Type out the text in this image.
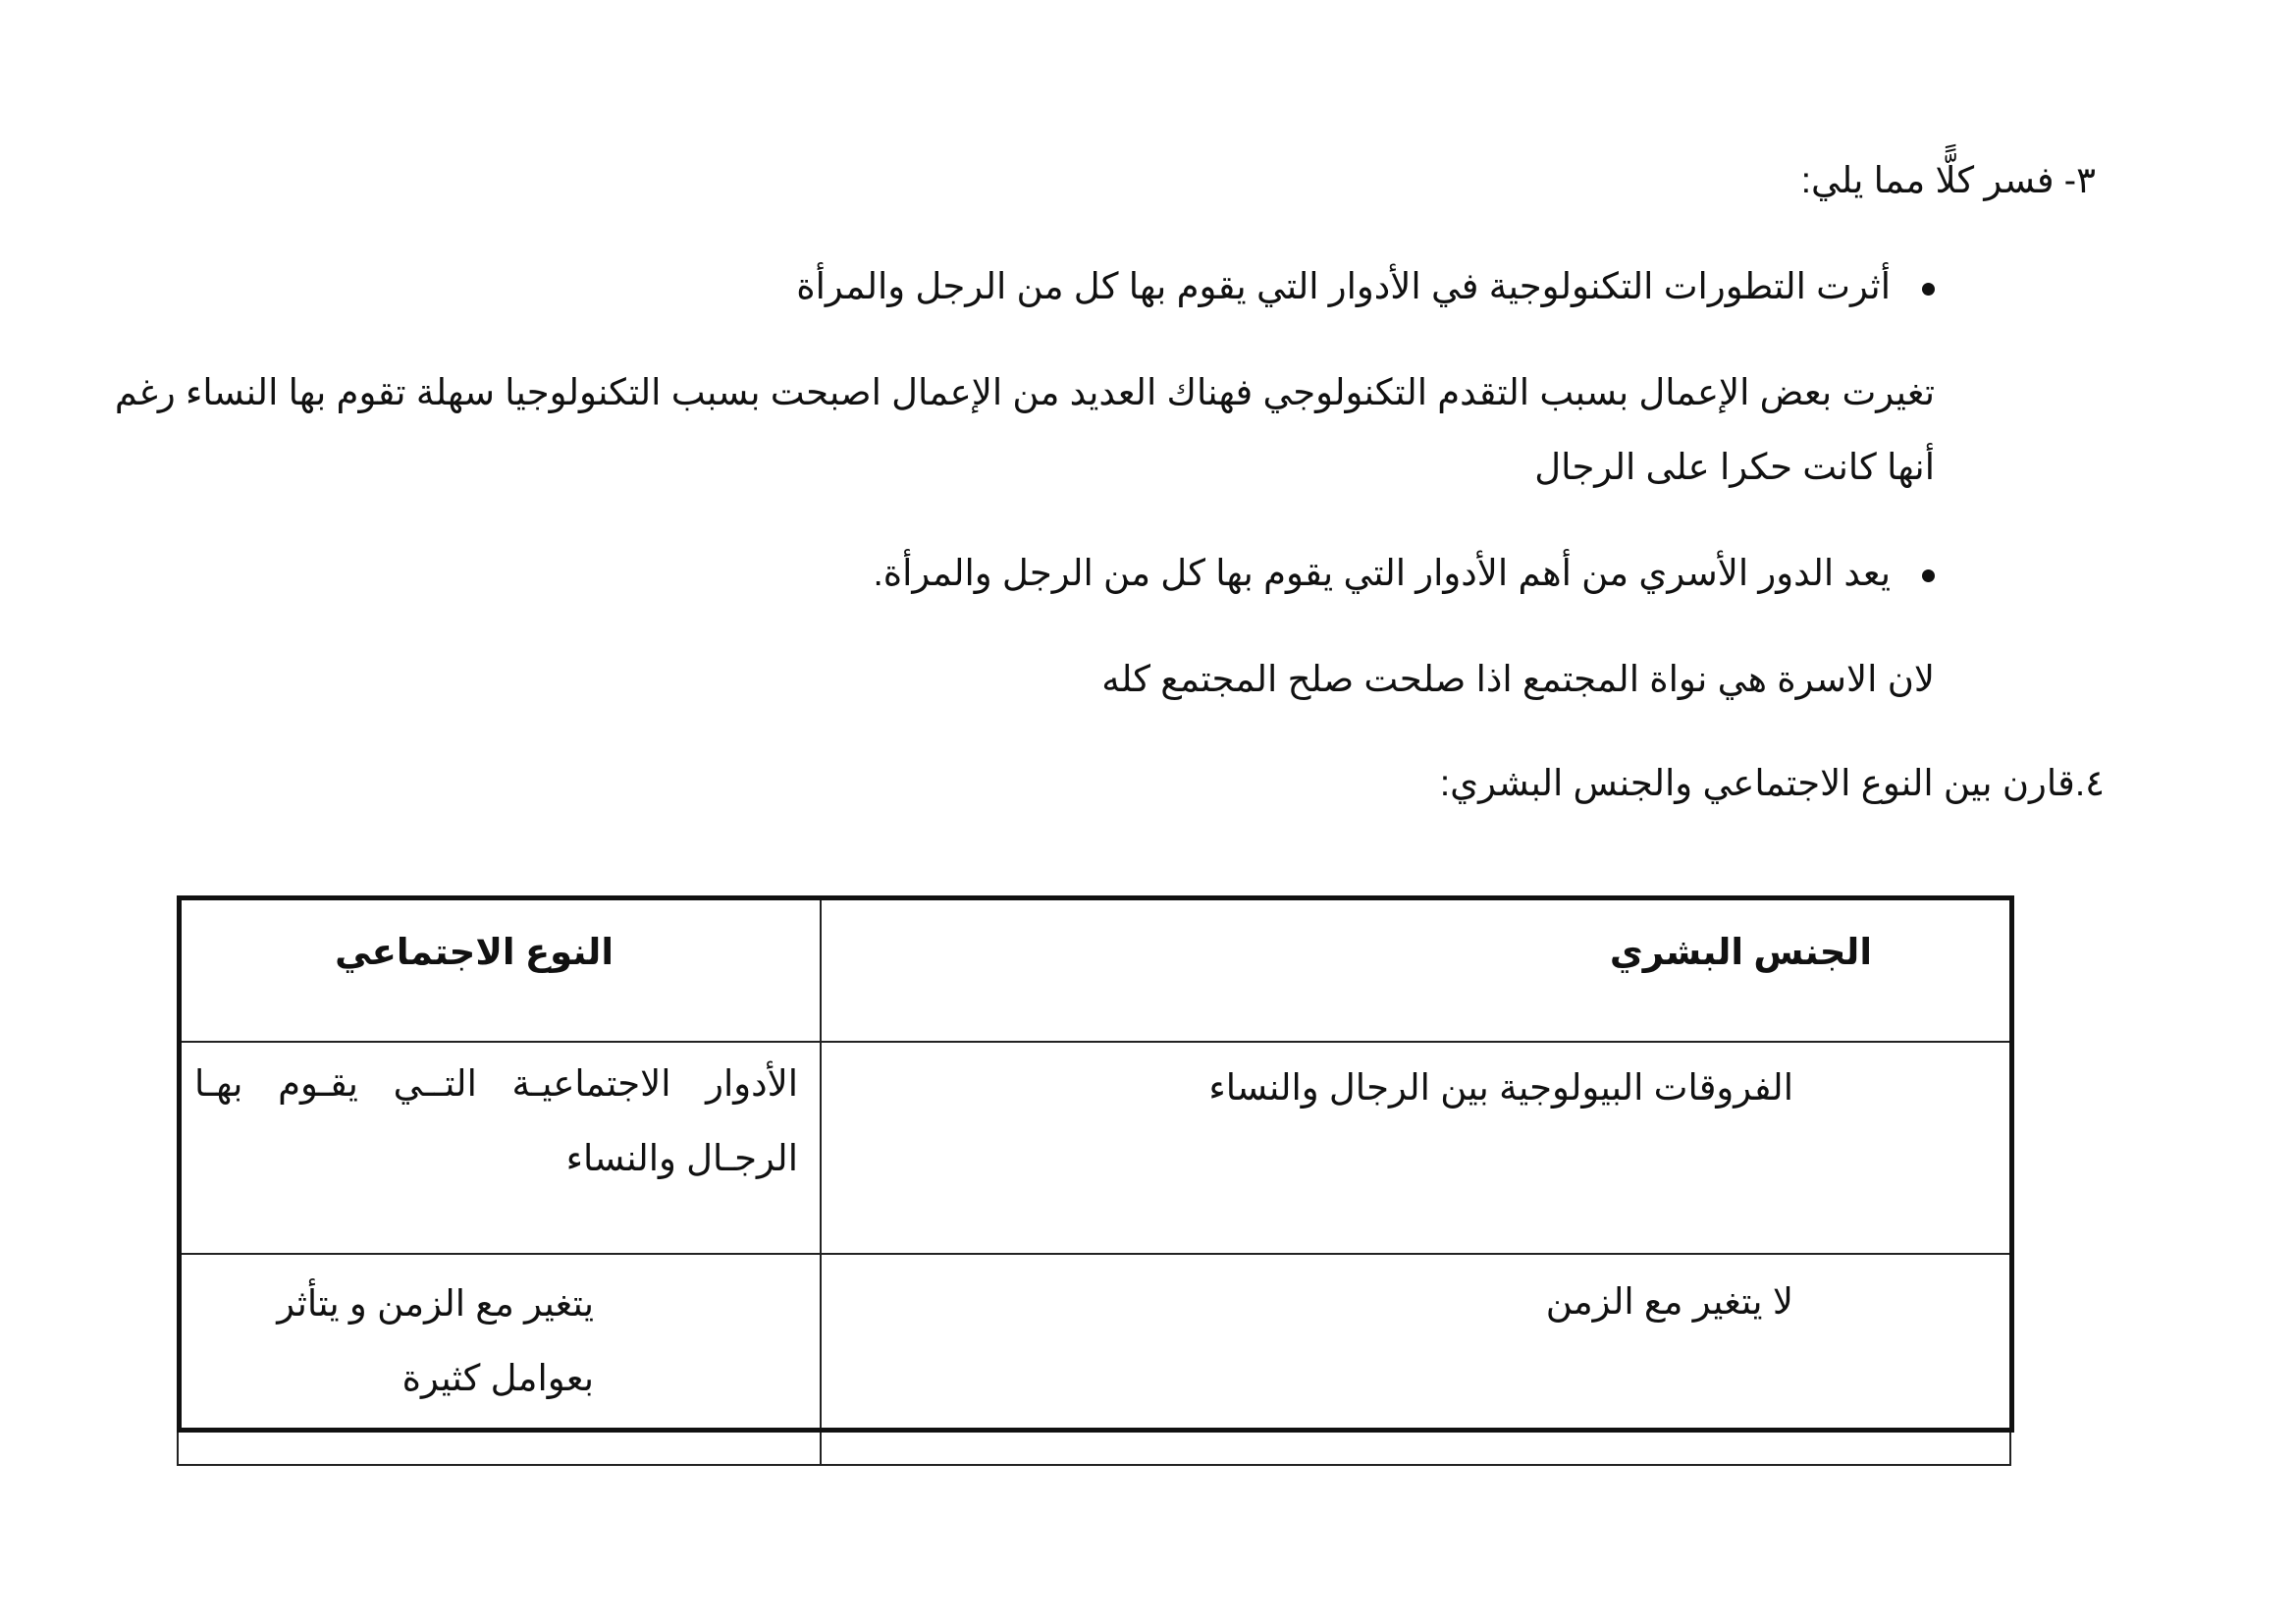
٣- فسر كلًّا مما يلي:
أثرت التطورات التكنولوجية في الأدوار التي يقوم بها كل من الرجل والمرأة
تغيرت بعض الإعمال بسبب التقدم التكنولوجي فهناك العديد من الإعمال اصبحت بسبب التكنولوجيا سهلة تقوم بها النساء رغم
أنها كانت حكرا على الرجال
يعد الدور الأسري من أهم الأدوار التي يقوم بها كل من الرجل والمرأة.
لان الاسرة هي نواة المجتمع اذا صلحت صلح المجتمع كله
٤.قارن بين النوع الاجتماعي والجنس البشري:
الجنس البشري	النوع الاجتماعي
الفروقات البيولوجية بين الرجال والنساء	الأدوار الاجتماعيـة التــي يقـوم بهـا الرجـال والنساء
لا يتغير مع الزمن	يتغير مع الزمن و يتأثر
بعوامل كثيرة
